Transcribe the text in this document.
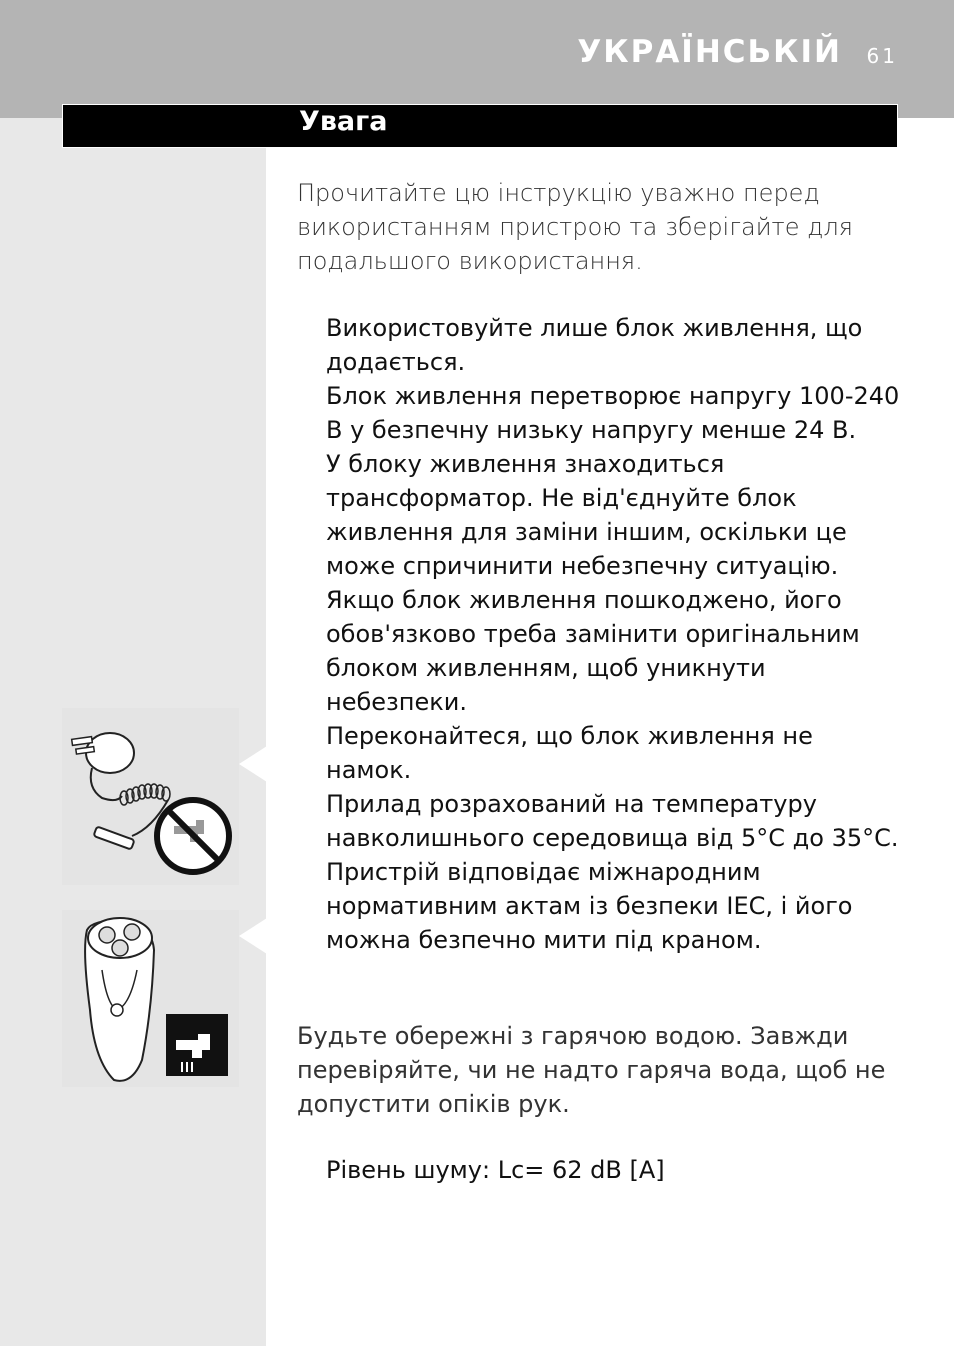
УКРАЇНСЬКІЙ 61
Увага
Прочитайте цю інструкцію уважно перед використанням пристрою та зберігайте для подальшого використання.

Використовуйте лише блок живлення, що додається.

Блок живлення перетворює напругу 100-240 В у безпечну низьку напругу менше 24 В.

У блоку живлення знаходиться трансформатор. Не від'єднуйте блок живлення для заміни іншим, оскільки це може спричинити небезпечну ситуацію.

Якщо блок живлення пошкоджено, його обов'язково треба замінити оригінальним блоком живленням, щоб уникнути небезпеки.

Переконайтеся, що блок живлення не намок.

Прилад розрахований на температуру навколишнього середовища від 5°C до 35°C.

Пристрій відповідає міжнародним нормативним актам із безпеки IEC, і його можна безпечно мити під краном.

Будьте обережні з гарячою водою. Завжди перевіряйте, чи не надто гаряча вода, щоб не допустити опіків рук.
Рівень шуму: Lc= 62 dB [A]
